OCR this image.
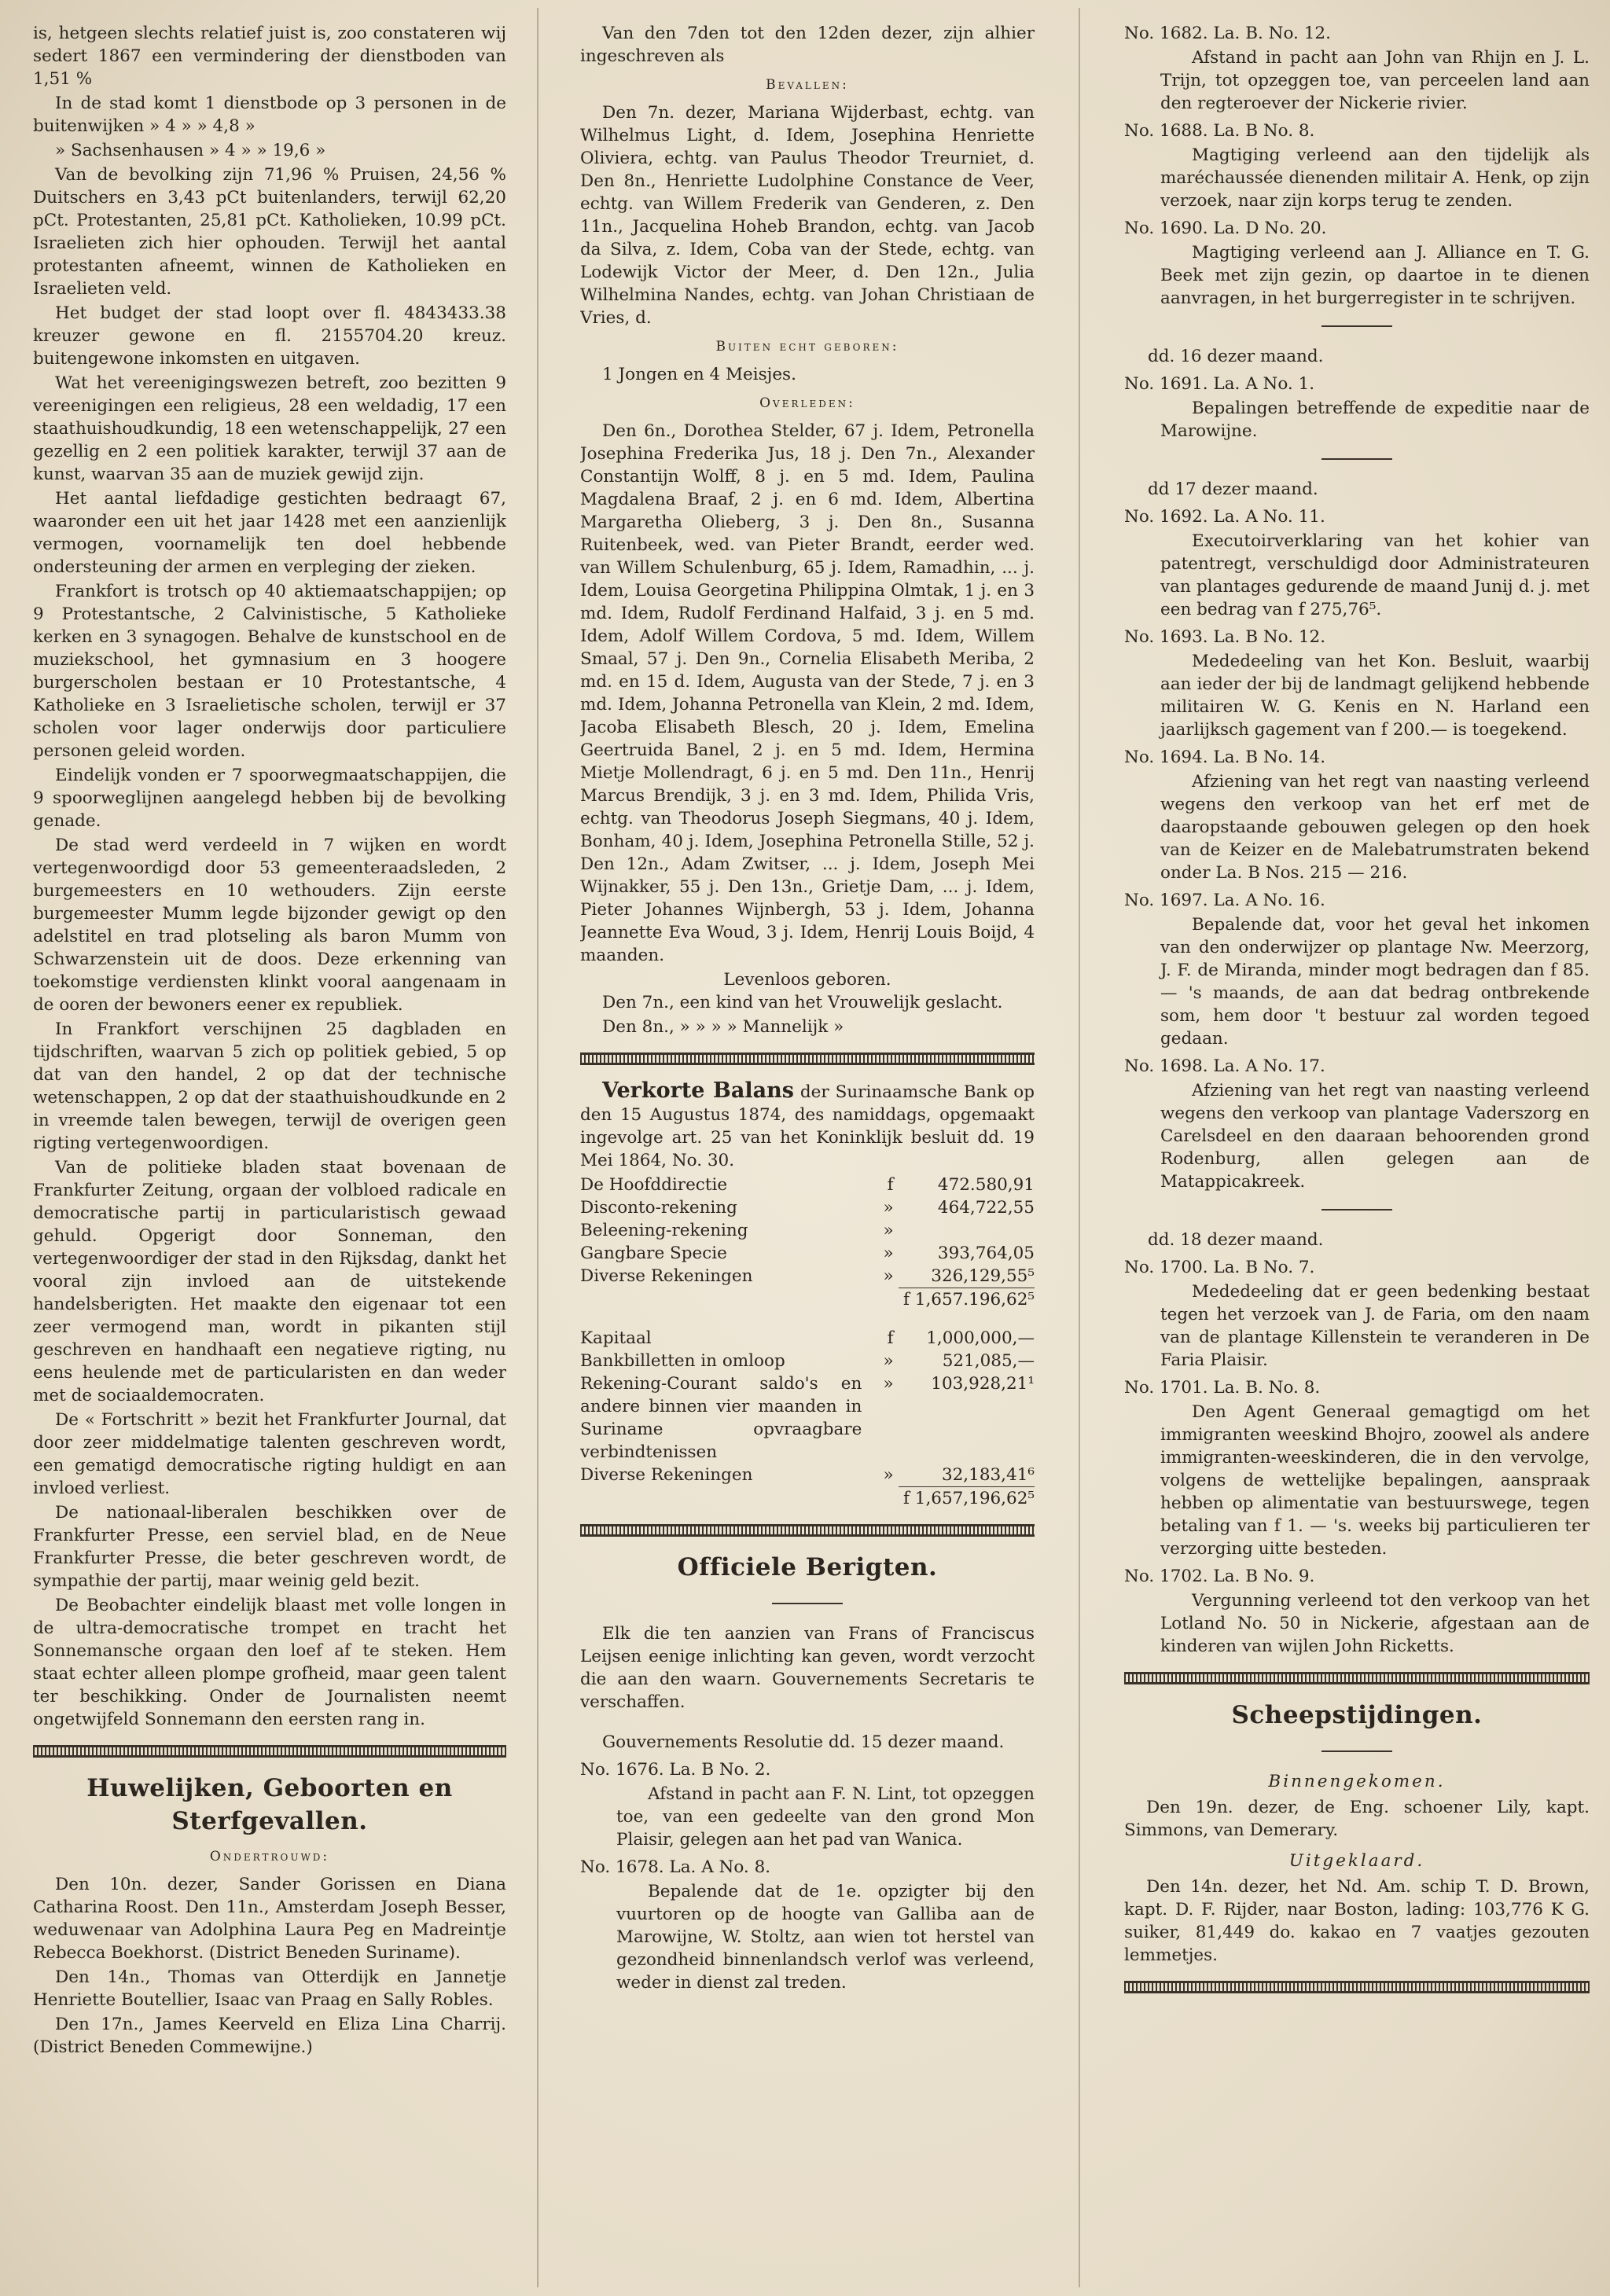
is, hetgeen slechts relatief juist is, zoo constateren wij sedert 1867 een vermindering der dienstboden van 1,51 %

In de stad komt 1 dienstbode op 3 personen in de buitenwijken » 4 » » 4,8 »

» Sachsenhausen » 4 » » 19,6 »

Van de bevolking zijn 71,96 % Pruisen, 24,56 % Duitschers en 3,43 pCt buitenlanders, terwijl 62,20 pCt. Protestanten, 25,81 pCt. Katholieken, 10.99 pCt. Israelieten zich hier ophouden. Terwijl het aantal protestanten afneemt, winnen de Katholieken en Israelieten veld.

Het budget der stad loopt over fl. 4843433.38 kreuzer gewone en fl. 2155704.20 kreuz. buitengewone inkomsten en uitgaven.

Wat het vereenigingswezen betreft, zoo bezitten 9 vereenigingen een religieus, 28 een weldadig, 17 een staathuishoudkundig, 18 een wetenschappelijk, 27 een gezellig en 2 een politiek karakter, terwijl 37 aan de kunst, waarvan 35 aan de muziek gewijd zijn.

Het aantal liefdadige gestichten bedraagt 67, waaronder een uit het jaar 1428 met een aanzienlijk vermogen, voornamelijk ten doel hebbende ondersteuning der armen en verpleging der zieken.

Frankfort is trotsch op 40 aktiemaatschappijen; op 9 Protestantsche, 2 Calvinistische, 5 Katholieke kerken en 3 synagogen. Behalve de kunstschool en de muziekschool, het gymnasium en 3 hoogere burgerscholen bestaan er 10 Protestantsche, 4 Katholieke en 3 Israelietische scholen, terwijl er 37 scholen voor lager onderwijs door particuliere personen geleid worden.

Eindelijk vonden er 7 spoorwegmaatschappijen, die 9 spoorweglijnen aangelegd hebben bij de bevolking genade.

De stad werd verdeeld in 7 wijken en wordt vertegenwoordigd door 53 gemeenteraadsleden, 2 burgemeesters en 10 wethouders. Zijn eerste burgemeester Mumm legde bijzonder gewigt op den adelstitel en trad plotseling als baron Mumm von Schwarzenstein uit de doos. Deze erkenning van toekomstige verdiensten klinkt vooral aangenaam in de ooren der bewoners eener ex republiek.

In Frankfort verschijnen 25 dagbladen en tijdschriften, waarvan 5 zich op politiek gebied, 5 op dat van den handel, 2 op dat der technische wetenschappen, 2 op dat der staathuishoudkunde en 2 in vreemde talen bewegen, terwijl de overigen geen rigting vertegenwoordigen.

Van de politieke bladen staat bovenaan de Frankfurter Zeitung, orgaan der volbloed radicale en democratische partij in particularistisch gewaad gehuld. Opgerigt door Sonneman, den vertegenwoordiger der stad in den Rijksdag, dankt het vooral zijn invloed aan de uitstekende handelsberigten. Het maakte den eigenaar tot een zeer vermogend man, wordt in pikanten stijl geschreven en handhaaft een negatieve rigting, nu eens heulende met de particularisten en dan weder met de sociaaldemocraten.

De « Fortschritt » bezit het Frankfurter Journal, dat door zeer middelmatige talenten geschreven wordt, een gematigd democratische rigting huldigt en aan invloed verliest.

De nationaal-liberalen beschikken over de Frankfurter Presse, een serviel blad, en de Neue Frankfurter Presse, die beter geschreven wordt, de sympathie der partij, maar weinig geld bezit.

De Beobachter eindelijk blaast met volle longen in de ultra-democratische trompet en tracht het Sonnemansche orgaan den loef af te steken. Hem staat echter alleen plompe grofheid, maar geen talent ter beschikking. Onder de Journalisten neemt ongetwijfeld Sonnemann den eersten rang in.

Huwelijken, Geboorten en Sterfgevallen.
Ondertrouwd:

Den 10n. dezer, Sander Gorissen en Diana Catharina Roost. Den 11n., Amsterdam Joseph Besser, weduwenaar van Adolphina Laura Peg en Madreintje Rebecca Boekhorst. (District Beneden Suriname).

Den 14n., Thomas van Otterdijk en Jannetje Henriette Boutellier, Isaac van Praag en Sally Robles.

Den 17n., James Keerveld en Eliza Lina Charrij. (District Beneden Commewijne.)

Van den 7den tot den 12den dezer, zijn alhier ingeschreven als

Bevallen:

Den 7n. dezer, Mariana Wijderbast, echtg. van Wilhelmus Light, d. Idem, Josephina Henriette Oliviera, echtg. van Paulus Theodor Treurniet, d. Den 8n., Henriette Ludolphine Constance de Veer, echtg. van Willem Frederik van Genderen, z. Den 11n., Jacquelina Hoheb Brandon, echtg. van Jacob da Silva, z. Idem, Coba van der Stede, echtg. van Lodewijk Victor der Meer, d. Den 12n., Julia Wilhelmina Nandes, echtg. van Johan Christiaan de Vries, d.

Buiten echt geboren:

1 Jongen en 4 Meisjes.

Overleden:

Den 6n., Dorothea Stelder, 67 j. Idem, Petronella Josephina Frederika Jus, 18 j. Den 7n., Alexander Constantijn Wolff, 8 j. en 5 md. Idem, Paulina Magdalena Braaf, 2 j. en 6 md. Idem, Albertina Margaretha Olieberg, 3 j. Den 8n., Susanna Ruitenbeek, wed. van Pieter Brandt, eerder wed. van Willem Schulenburg, 65 j. Idem, Ramadhin, ... j. Idem, Louisa Georgetina Philippina Olmtak, 1 j. en 3 md. Idem, Rudolf Ferdinand Halfaid, 3 j. en 5 md. Idem, Adolf Willem Cordova, 5 md. Idem, Willem Smaal, 57 j. Den 9n., Cornelia Elisabeth Meriba, 2 md. en 15 d. Idem, Augusta van der Stede, 7 j. en 3 md. Idem, Johanna Petronella van Klein, 2 md. Idem, Jacoba Elisabeth Blesch, 20 j. Idem, Emelina Geertruida Banel, 2 j. en 5 md. Idem, Hermina Mietje Mollendragt, 6 j. en 5 md. Den 11n., Henrij Marcus Brendijk, 3 j. en 3 md. Idem, Philida Vris, echtg. van Theodorus Joseph Siegmans, 40 j. Idem, Bonham, 40 j. Idem, Josephina Petronella Stille, 52 j. Den 12n., Adam Zwitser, ... j. Idem, Joseph Mei Wijnakker, 55 j. Den 13n., Grietje Dam, ... j. Idem, Pieter Johannes Wijnbergh, 53 j. Idem, Johanna Jeannette Eva Woud, 3 j. Idem, Henrij Louis Boijd, 4 maanden.

Levenloos geboren.

Den 7n., een kind van het Vrouwelijk geslacht.

Den 8n., » » » » Mannelijk »

Verkorte Balans der Surinaamsche Bank op den 15 Augustus 1874, des namiddags, opgemaakt ingevolge art. 25 van het Koninklijk besluit dd. 19 Mei 1864, No. 30.

De Hoofddirectie	f	472.580,91
Disconto-rekening	»	464,722,55
Beleening-rekening	»	
Gangbare Specie	»	393,764,05
Diverse Rekeningen	»	326,129,55⁵
		f 1,657.196,62⁵
Kapitaal	f	1,000,000,—
Bankbilletten in omloop	»	521,085,—
Rekening-Courant saldo's en andere binnen vier maanden in Suriname opvraagbare verbindtenissen	»	103,928,21¹
Diverse Rekeningen	»	32,183,41⁶
		f 1,657,196,62⁵
Officiele Berigten.

Elk die ten aanzien van Frans of Franciscus Leijsen eenige inlichting kan geven, wordt verzocht die aan den waarn. Gouvernements Secretaris te verschaffen.

Gouvernements Resolutie dd. 15 dezer maand.

No. 1676. La. B No. 2.

Afstand in pacht aan F. N. Lint, tot opzeggen toe, van een gedeelte van den grond Mon Plaisir, gelegen aan het pad van Wanica.

No. 1678. La. A No. 8.

Bepalende dat de 1e. opzigter bij den vuurtoren op de hoogte van Galliba aan de Marowijne, W. Stoltz, aan wien tot herstel van gezondheid binnenlandsch verlof was verleend, weder in dienst zal treden.

No. 1682. La. B. No. 12.

Afstand in pacht aan John van Rhijn en J. L. Trijn, tot opzeggen toe, van perceelen land aan den regteroever der Nickerie rivier.

No. 1688. La. B No. 8.

Magtiging verleend aan den tijdelijk als maréchaussée dienenden militair A. Henk, op zijn verzoek, naar zijn korps terug te zenden.

No. 1690. La. D No. 20.

Magtiging verleend aan J. Alliance en T. G. Beek met zijn gezin, op daartoe in te dienen aanvragen, in het burgerregister in te schrijven.

dd. 16 dezer maand.

No. 1691. La. A No. 1.

Bepalingen betreffende de expeditie naar de Marowijne.

dd 17 dezer maand.

No. 1692. La. A No. 11.

Executoirverklaring van het kohier van patentregt, verschuldigd door Administrateuren van plantages gedurende de maand Junij d. j. met een bedrag van f 275,76⁵.

No. 1693. La. B No. 12.

Mededeeling van het Kon. Besluit, waarbij aan ieder der bij de landmagt gelijkend hebbende militairen W. G. Kenis en N. Harland een jaarlijksch gagement van f 200.— is toegekend.

No. 1694. La. B No. 14.

Afziening van het regt van naasting verleend wegens den verkoop van het erf met de daaropstaande gebouwen gelegen op den hoek van de Keizer en de Malebatrumstraten bekend onder La. B Nos. 215 — 216.

No. 1697. La. A No. 16.

Bepalende dat, voor het geval het inkomen van den onderwijzer op plantage Nw. Meerzorg, J. F. de Miranda, minder mogt bedragen dan f 85.— 's maands, de aan dat bedrag ontbrekende som, hem door 't bestuur zal worden tegoed gedaan.

No. 1698. La. A No. 17.

Afziening van het regt van naasting verleend wegens den verkoop van plantage Vaderszorg en Carelsdeel en den daaraan behoorenden grond Rodenburg, allen gelegen aan de Matappicakreek.

dd. 18 dezer maand.

No. 1700. La. B No. 7.

Mededeeling dat er geen bedenking bestaat tegen het verzoek van J. de Faria, om den naam van de plantage Killenstein te veranderen in De Faria Plaisir.

No. 1701. La. B. No. 8.

Den Agent Generaal gemagtigd om het immigranten weeskind Bhojro, zoowel als andere immigranten-weeskinderen, die in den vervolge, volgens de wettelijke bepalingen, aanspraak hebben op alimentatie van bestuurswege, tegen betaling van f 1. — 's. weeks bij particulieren ter verzorging uitte besteden.

No. 1702. La. B No. 9.

Vergunning verleend tot den verkoop van het Lotland No. 50 in Nickerie, afgestaan aan de kinderen van wijlen John Ricketts.

Scheepstijdingen.
Binnengekomen.

Den 19n. dezer, de Eng. schoener Lily, kapt. Simmons, van Demerary.

Uitgeklaard.

Den 14n. dezer, het Nd. Am. schip T. D. Brown, kapt. D. F. Rijder, naar Boston, lading: 103,776 K G. suiker, 81,449 do. kakao en 7 vaatjes gezouten lemmetjes.
